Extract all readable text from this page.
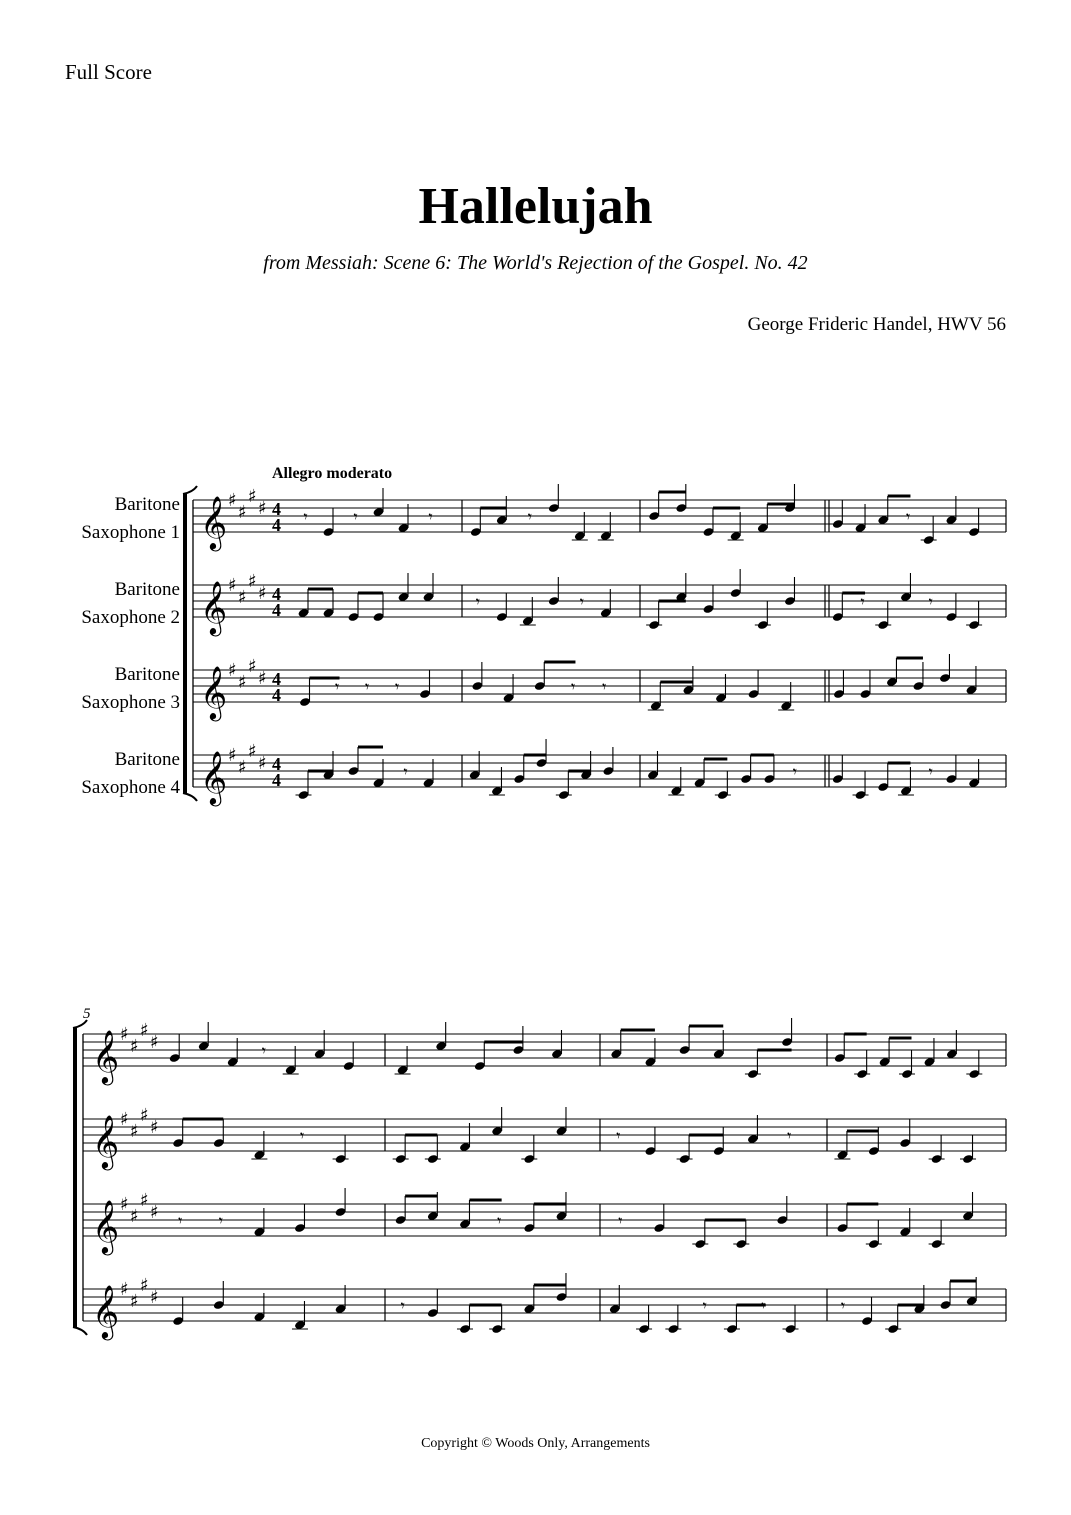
Full Score
Hallelujah
from Messiah: Scene 6: The World's Rejection of the Gospel. No. 42
George Frideric Handel, HWV 56
Allegro moderato
Baritone
Saxophone 1 𝄞 ♯
♯
♯
♯ 4
4 𝄾	𝄾	𝄾	𝄾	𝄾
Baritone
Saxophone 2 𝄞 ♯
♯
♯
♯ 4
4	𝄾	𝄾	𝄾	𝄾
Baritone
Saxophone 3 𝄞 ♯
♯
♯
♯ 4
4	𝄾 𝄾 𝄾	𝄾 𝄾
Baritone
Saxophone 4 𝄞 ♯
♯
♯
♯ 4
4	𝄾	𝄾	𝄾
5
𝄞 ♯
♯
♯
♯	𝄾
𝄞 ♯
♯
♯
♯	𝄾	𝄾	𝄾
𝄞 ♯
♯
♯
♯ 𝄾 𝄾	𝄾	𝄾
𝄞 ♯
♯
♯
♯	𝄾	𝄾	𝄾	𝄾
Copyright © Woods Only, Arrangements
